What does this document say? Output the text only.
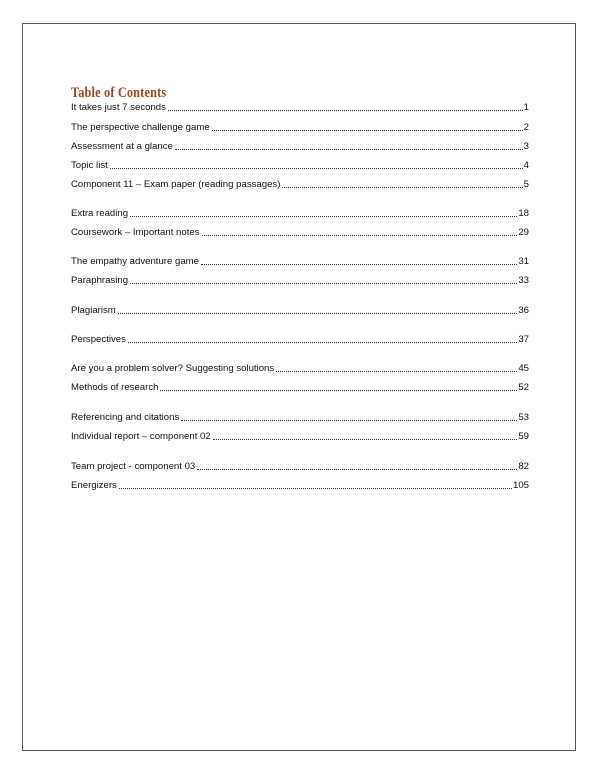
Table of Contents
It takes just 7 seconds	1
The perspective challenge game	2
Assessment at a glance	3
Topic list	4
Component 11 – Exam paper (reading passages)	5
Extra reading	18
Coursework – Important notes	29
The empathy adventure game	31
Paraphrasing	33
Plagiarism	36
Perspectives	37
Are you a problem solver? Suggesting solutions	45
Methods of research	52
Referencing and citations	53
Individual report – component 02	59
Team project - component 03	82
Energizers	105
